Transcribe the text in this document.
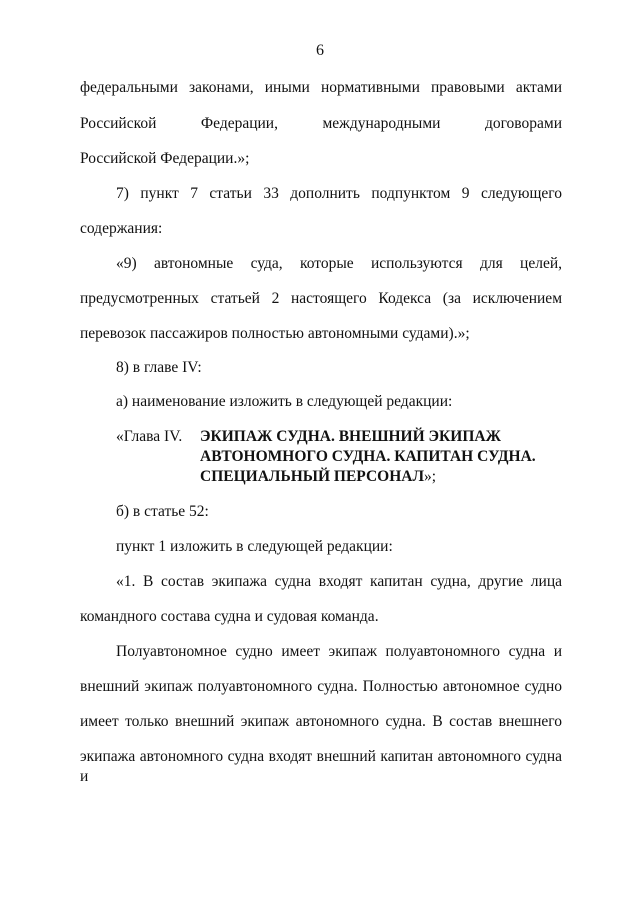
6
федеральными законами, иными нормативными правовыми актами
Российской Федерации, международными договорами
Российской Федерации.»;
7) пункт 7 статьи 33 дополнить подпунктом 9 следующего
содержания:
«9) автономные суда, которые используются для целей,
предусмотренных статьей 2 настоящего Кодекса (за исключением
перевозок пассажиров полностью автономными судами).»;
8) в главе IV:
а) наименование изложить в следующей редакции:
«Глава IV. ЭКИПАЖ СУДНА. ВНЕШНИЙ ЭКИПАЖ
АВТОНОМНОГО СУДНА. КАПИТАН СУДНА.
СПЕЦИАЛЬНЫЙ ПЕРСОНАЛ»;
б) в статье 52:
пункт 1 изложить в следующей редакции:
«1. В состав экипажа судна входят капитан судна, другие лица
командного состава судна и судовая команда.
Полуавтономное судно имеет экипаж полуавтономного судна и
внешний экипаж полуавтономного судна. Полностью автономное судно
имеет только внешний экипаж автономного судна. В состав внешнего
экипажа автономного судна входят внешний капитан автономного судна и
